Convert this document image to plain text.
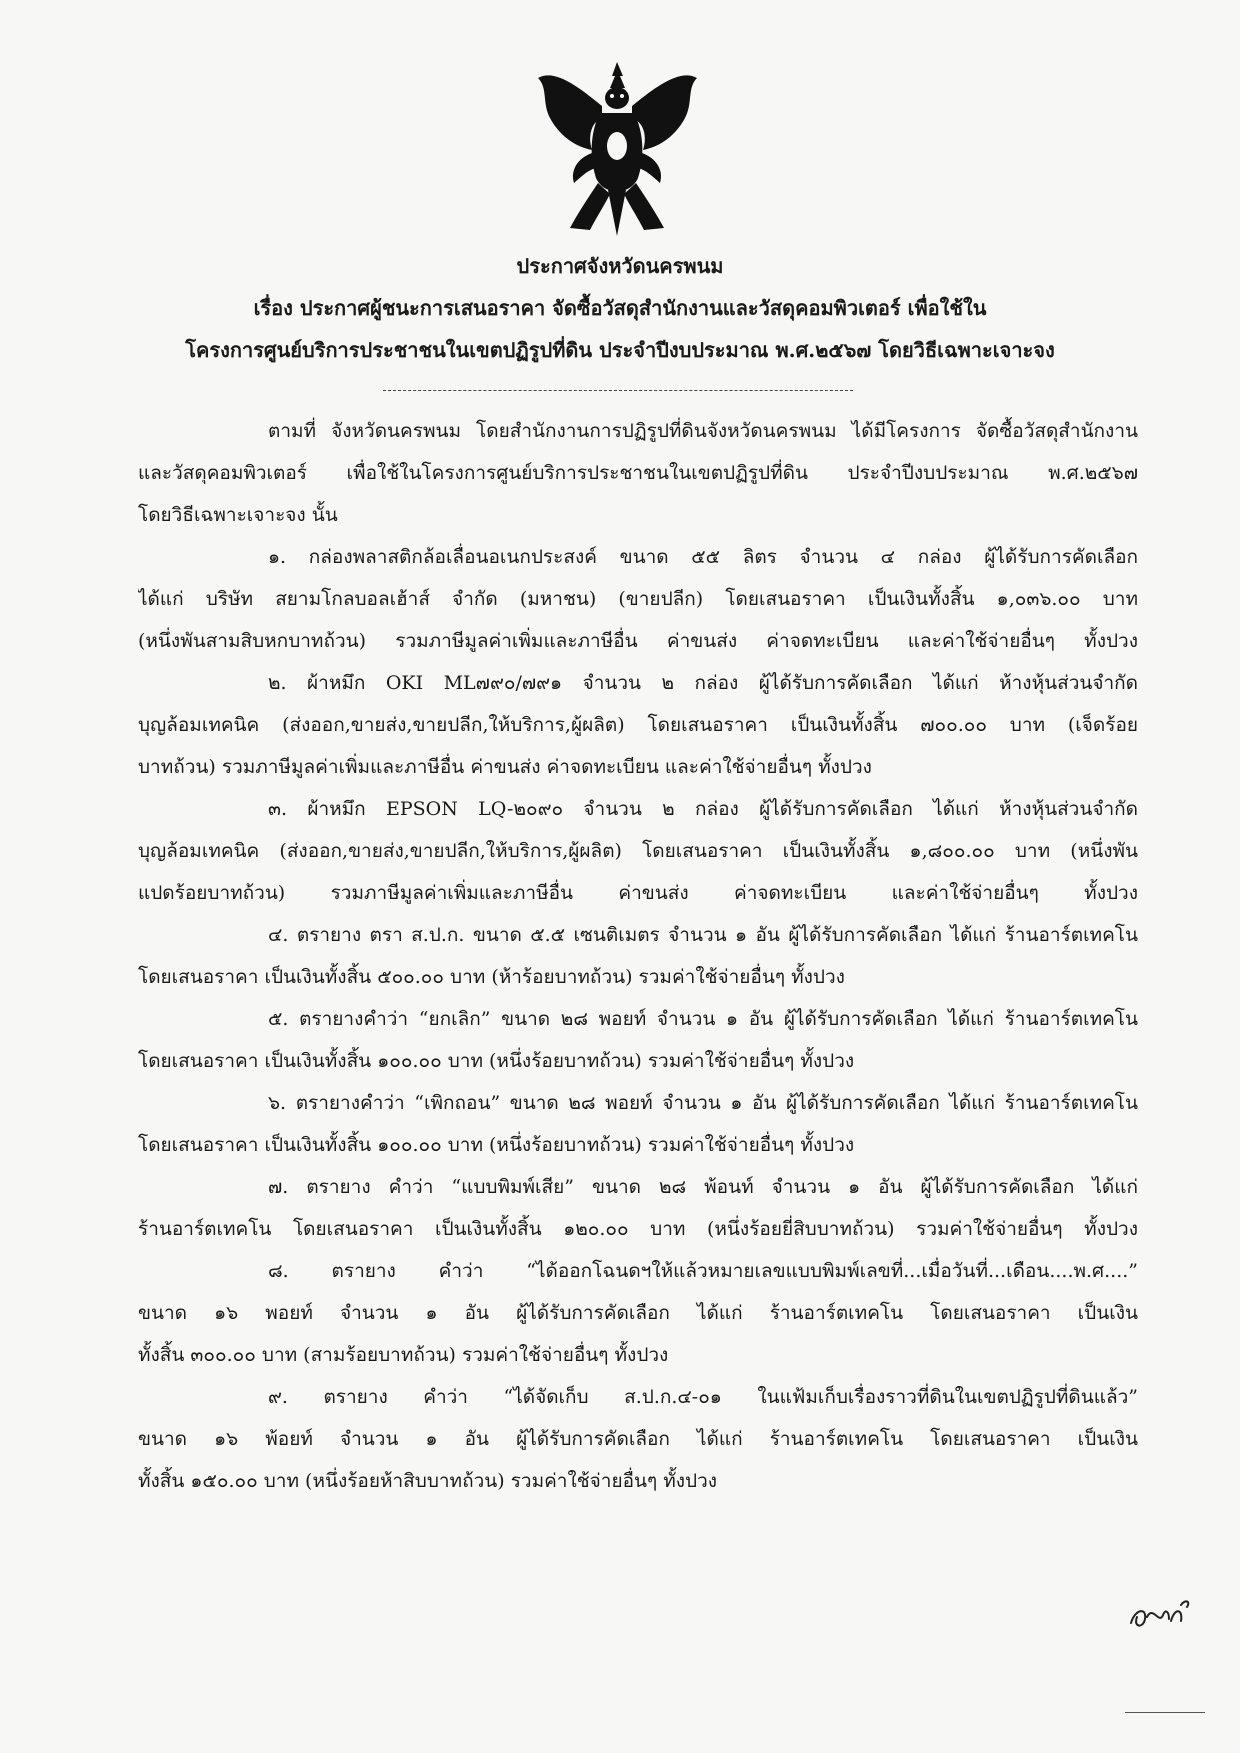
ประกาศจังหวัดนครพนม
เรื่อง ประกาศผู้ชนะการเสนอราคา จัดซื้อวัสดุสำนักงานและวัสดุคอมพิวเตอร์ เพื่อใช้ใน
โครงการศูนย์บริการประชาชนในเขตปฏิรูปที่ดิน ประจำปีงบประมาณ พ.ศ.๒๕๖๗ โดยวิธีเฉพาะเจาะจง
ตามที่ จังหวัดนครพนม โดยสำนักงานการปฏิรูปที่ดินจังหวัดนครพนม ได้มีโครงการ จัดซื้อวัสดุสำนักงาน
และวัสดุคอมพิวเตอร์ เพื่อใช้ในโครงการศูนย์บริการประชาชนในเขตปฏิรูปที่ดิน ประจำปีงบประมาณ พ.ศ.๒๕๖๗
โดยวิธีเฉพาะเจาะจง นั้น
๑. กล่องพลาสติกล้อเลื่อนอเนกประสงค์ ขนาด ๕๕ ลิตร จำนวน ๔ กล่อง ผู้ได้รับการคัดเลือก
ได้แก่ บริษัท สยามโกลบอลเฮ้าส์ จำกัด (มหาชน) (ขายปลีก) โดยเสนอราคา เป็นเงินทั้งสิ้น ๑,๐๓๖.๐๐ บาท
(หนึ่งพันสามสิบหกบาทถ้วน) รวมภาษีมูลค่าเพิ่มและภาษีอื่น ค่าขนส่ง ค่าจดทะเบียน และค่าใช้จ่ายอื่นๆ ทั้งปวง
๒. ผ้าหมึก OKI ML๗๙๐/๗๙๑ จำนวน ๒ กล่อง ผู้ได้รับการคัดเลือก ได้แก่ ห้างหุ้นส่วนจำกัด
บุญล้อมเทคนิค (ส่งออก,ขายส่ง,ขายปลีก,ให้บริการ,ผู้ผลิต) โดยเสนอราคา เป็นเงินทั้งสิ้น ๗๐๐.๐๐ บาท (เจ็ดร้อย
บาทถ้วน) รวมภาษีมูลค่าเพิ่มและภาษีอื่น ค่าขนส่ง ค่าจดทะเบียน และค่าใช้จ่ายอื่นๆ ทั้งปวง
๓. ผ้าหมึก EPSON LQ-๒๐๙๐ จำนวน ๒ กล่อง ผู้ได้รับการคัดเลือก ได้แก่ ห้างหุ้นส่วนจำกัด
บุญล้อมเทคนิค (ส่งออก,ขายส่ง,ขายปลีก,ให้บริการ,ผู้ผลิต) โดยเสนอราคา เป็นเงินทั้งสิ้น ๑,๘๐๐.๐๐ บาท (หนึ่งพัน
แปดร้อยบาทถ้วน) รวมภาษีมูลค่าเพิ่มและภาษีอื่น ค่าขนส่ง ค่าจดทะเบียน และค่าใช้จ่ายอื่นๆ ทั้งปวง
๔. ตรายาง ตรา ส.ป.ก. ขนาด ๕.๕ เซนติเมตร จำนวน ๑ อัน ผู้ได้รับการคัดเลือก ได้แก่ ร้านอาร์ตเทคโน
โดยเสนอราคา เป็นเงินทั้งสิ้น ๕๐๐.๐๐ บาท (ห้าร้อยบาทถ้วน) รวมค่าใช้จ่ายอื่นๆ ทั้งปวง
๕. ตรายางคำว่า “ยกเลิก” ขนาด ๒๘ พอยท์ จำนวน ๑ อัน ผู้ได้รับการคัดเลือก ได้แก่ ร้านอาร์ตเทคโน
โดยเสนอราคา เป็นเงินทั้งสิ้น ๑๐๐.๐๐ บาท (หนึ่งร้อยบาทถ้วน) รวมค่าใช้จ่ายอื่นๆ ทั้งปวง
๖. ตรายางคำว่า “เพิกถอน” ขนาด ๒๘ พอยท์ จำนวน ๑ อัน ผู้ได้รับการคัดเลือก ได้แก่ ร้านอาร์ตเทคโน
โดยเสนอราคา เป็นเงินทั้งสิ้น ๑๐๐.๐๐ บาท (หนึ่งร้อยบาทถ้วน) รวมค่าใช้จ่ายอื่นๆ ทั้งปวง
๗. ตรายาง คำว่า “แบบพิมพ์เสีย” ขนาด ๒๘ พ้อนท์ จำนวน ๑ อัน ผู้ได้รับการคัดเลือก ได้แก่
ร้านอาร์ตเทคโน โดยเสนอราคา เป็นเงินทั้งสิ้น ๑๒๐.๐๐ บาท (หนึ่งร้อยยี่สิบบาทถ้วน) รวมค่าใช้จ่ายอื่นๆ ทั้งปวง
๘. ตรายาง คำว่า “ได้ออกโฉนดฯให้แล้วหมายเลขแบบพิมพ์เลขที่...เมื่อวันที่...เดือน....พ.ศ....”
ขนาด ๑๖ พอยท์ จำนวน ๑ อัน ผู้ได้รับการคัดเลือก ได้แก่ ร้านอาร์ตเทคโน โดยเสนอราคา เป็นเงิน
ทั้งสิ้น ๓๐๐.๐๐ บาท (สามร้อยบาทถ้วน) รวมค่าใช้จ่ายอื่นๆ ทั้งปวง
๙. ตรายาง คำว่า “ได้จัดเก็บ ส.ป.ก.๔-๐๑ ในแฟ้มเก็บเรื่องราวที่ดินในเขตปฏิรูปที่ดินแล้ว”
ขนาด ๑๖ พ้อยท์ จำนวน ๑ อัน ผู้ได้รับการคัดเลือก ได้แก่ ร้านอาร์ตเทคโน โดยเสนอราคา เป็นเงิน
ทั้งสิ้น ๑๕๐.๐๐ บาท (หนึ่งร้อยห้าสิบบาทถ้วน) รวมค่าใช้จ่ายอื่นๆ ทั้งปวง
